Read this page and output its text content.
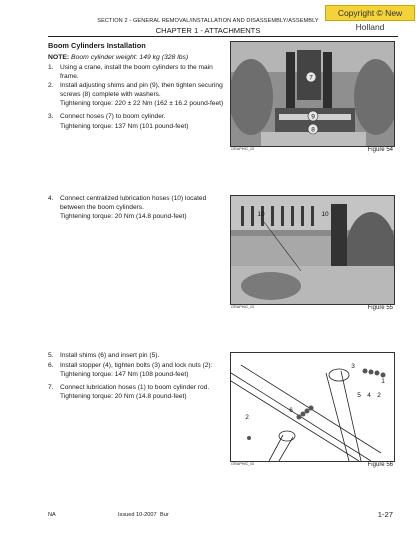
Copyright © New Holland
SECTION 2 - GENERAL REMOVAL/INSTALLATION AND DISASSEMBLY/ASSEMBLY
CHAPTER 1 - ATTACHMENTS
Boom Cylinders Installation
NOTE: Boom cylinder weight: 149 kg (328 lbs)
1. Using a crane, install the boom cylinders to the main frame.
2. Install adjusting shims and pin (9), then tighten securing screws (8) complete with washers.
Tightening torque: 220 ± 22 Nm (162 ± 16.2 pound-feet)
3. Connect hoses (7) to boom cylinder.
Tightening torque: 137 Nm (101 pound-feet)
4. Connect centralized lubrication hoses (10) located between the boom cylinders.
Tightening torque: 20 Nm (14.8 pound-feet)
5. Install shims (6) and insert pin (5).
6. Install stopper (4), tighten bolts (3) and lock nuts (2):
Tightening torque: 147 Nm (108 pound-feet)
7. Connect lubrication hoses (1) to boom cylinder rod.
Tightening torque: 20 Nm (14.8 pound-feet)
7
9
8
GRAPHIC_ID	Figure 54
10	10
GRAPHIC_ID	Figure 55
3
1
5 4 2
2
6
GRAPHIC_ID	Figure 56
NA	Issued 10-2007 Bur	1-27
